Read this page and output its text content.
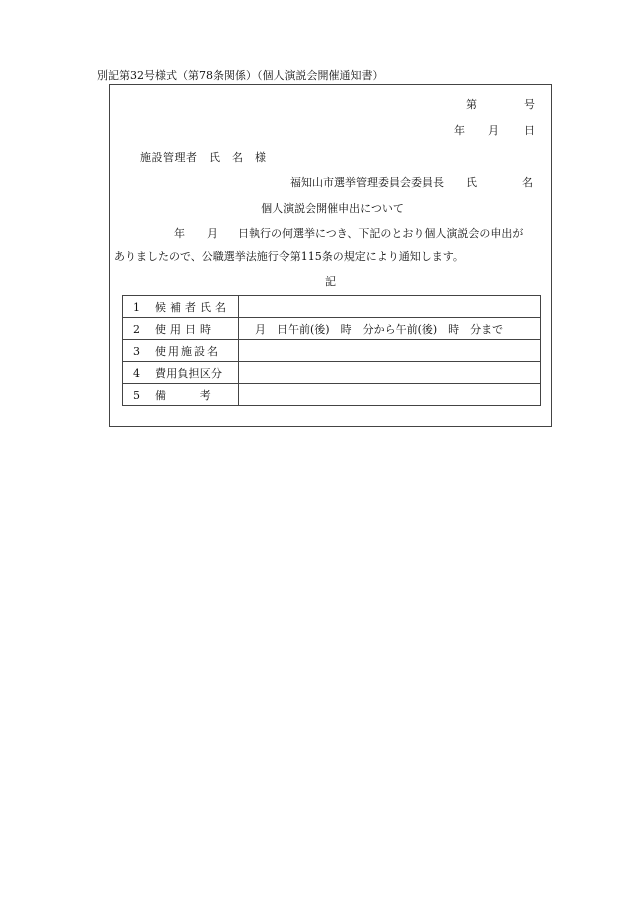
別記第32号様式（第78条関係）（個人演説会開催通知書）
第	号
年 月 日
施設管理者　氏　名　様
福知山市選挙管理委員会委員長 氏	名
個人演説会開催申出について
年 月 日執行の何選挙につき、下記のとおり個人演説会の申出が
ありましたので、公職選挙法施行令第115条の規定により通知します。
記
1 候補者氏名	
2 使用日時	月　日午前(後)　時　分から午前(後)　時　分まで
3 使用施設名	
4 費用負担区分	
5 備　　　考	
